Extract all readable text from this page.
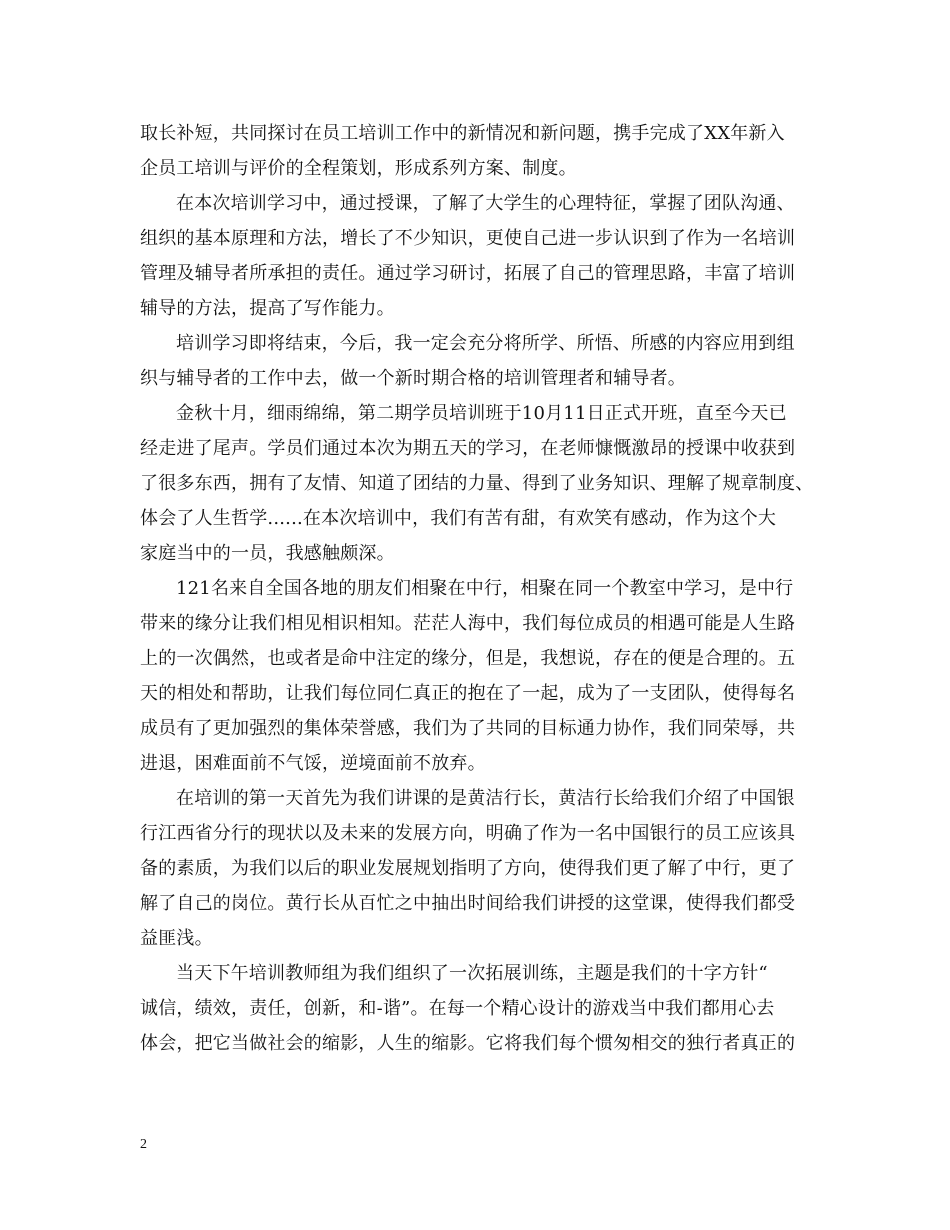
取长补短，共同探讨在员工培训工作中的新情况和新问题，携手完成了XX年新入
企员工培训与评价的全程策划，形成系列方案、制度。
在本次培训学习中，通过授课，了解了大学生的心理特征，掌握了团队沟通、
组织的基本原理和方法，增长了不少知识，更使自己进一步认识到了作为一名培训
管理及辅导者所承担的责任。通过学习研讨，拓展了自己的管理思路，丰富了培训
辅导的方法，提高了写作能力。
培训学习即将结束，今后，我一定会充分将所学、所悟、所感的内容应用到组
织与辅导者的工作中去，做一个新时期合格的培训管理者和辅导者。
金秋十月，细雨绵绵，第二期学员培训班于10月11日正式开班，直至今天已
经走进了尾声。学员们通过本次为期五天的学习，在老师慷慨激昂的授课中收获到
了很多东西，拥有了友情、知道了团结的力量、得到了业务知识、理解了规章制度、
体会了人生哲学......在本次培训中，我们有苦有甜，有欢笑有感动，作为这个大
家庭当中的一员，我感触颇深。
121名来自全国各地的朋友们相聚在中行，相聚在同一个教室中学习，是中行
带来的缘分让我们相见相识相知。茫茫人海中，我们每位成员的相遇可能是人生路
上的一次偶然，也或者是命中注定的缘分，但是，我想说，存在的便是合理的。五
天的相处和帮助，让我们每位同仁真正的抱在了一起，成为了一支团队，使得每名
成员有了更加强烈的集体荣誉感，我们为了共同的目标通力协作，我们同荣辱，共
进退，困难面前不气馁，逆境面前不放弃。
在培训的第一天首先为我们讲课的是黄洁行长，黄洁行长给我们介绍了中国银
行江西省分行的现状以及未来的发展方向，明确了作为一名中国银行的员工应该具
备的素质，为我们以后的职业发展规划指明了方向，使得我们更了解了中行，更了
解了自己的岗位。黄行长从百忙之中抽出时间给我们讲授的这堂课，使得我们都受
益匪浅。
当天下午培训教师组为我们组织了一次拓展训练，主题是我们的十字方针“
诚信，绩效，责任，创新，和-谐”。在每一个精心设计的游戏当中我们都用心去
体会，把它当做社会的缩影，人生的缩影。它将我们每个惯匆相交的独行者真正的
2
